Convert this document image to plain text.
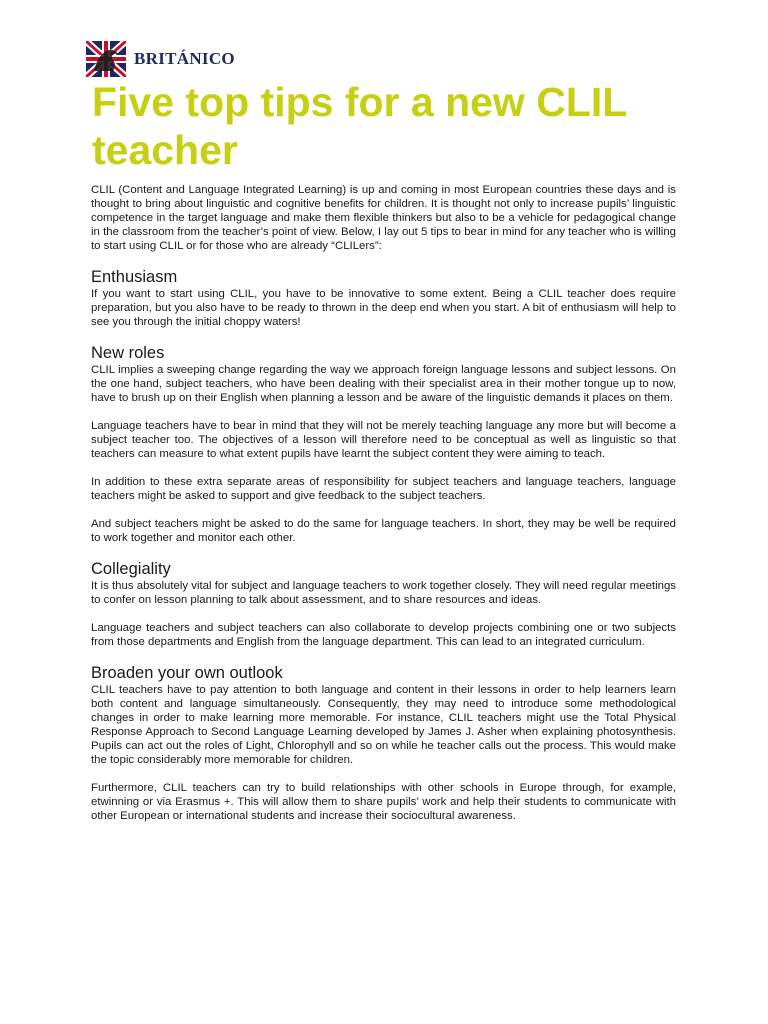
BRITÁNICO
Five top tips for a new CLIL teacher

CLIL (Content and Language Integrated Learning) is up and coming in most European countries these days and is thought to bring about linguistic and cognitive benefits for children. It is thought not only to increase pupils’ linguistic competence in the target language and make them flexible thinkers but also to be a vehicle for pedagogical change in the classroom from the teacher’s point of view. Below, I lay out 5 tips to bear in mind for any teacher who is willing to start using CLIL or for those who are already “CLILers”:

Enthusiasm

If you want to start using CLIL, you have to be innovative to some extent. Being a CLIL teacher does require preparation, but you also have to be ready to thrown in the deep end when you start. A bit of enthusiasm will help to see you through the initial choppy waters!

New roles

CLIL implies a sweeping change regarding the way we approach foreign language lessons and subject lessons. On the one hand, subject teachers, who have been dealing with their specialist area in their mother tongue up to now, have to brush up on their English when planning a lesson and be aware of the linguistic demands it places on them.

Language teachers have to bear in mind that they will not be merely teaching language any more but will become a subject teacher too. The objectives of a lesson will therefore need to be conceptual as well as linguistic so that teachers can measure to what extent pupils have learnt the subject content they were aiming to teach.

In addition to these extra separate areas of responsibility for subject teachers and language teachers, language teachers might be asked to support and give feedback to the subject teachers.

And subject teachers might be asked to do the same for language teachers. In short, they may be well be required to work together and monitor each other.

Collegiality

It is thus absolutely vital for subject and language teachers to work together closely. They will need regular meetings to confer on lesson planning to talk about assessment, and to share resources and ideas.

Language teachers and subject teachers can also collaborate to develop projects combining one or two subjects from those departments and English from the language department. This can lead to an integrated curriculum.

Broaden your own outlook

CLIL teachers have to pay attention to both language and content in their lessons in order to help learners learn both content and language simultaneously. Consequently, they may need to introduce some methodological changes in order to make learning more memorable. For instance, CLIL teachers might use the Total Physical Response Approach to Second Language Learning developed by James J. Asher when explaining photosynthesis. Pupils can act out the roles of Light, Chlorophyll and so on while he teacher calls out the process. This would make the topic considerably more memorable for children.

Furthermore, CLIL teachers can try to build relationships with other schools in Europe through, for example, etwinning or via Erasmus +. This will allow them to share pupils’ work and help their students to communicate with other European or international students and increase their sociocultural awareness.
